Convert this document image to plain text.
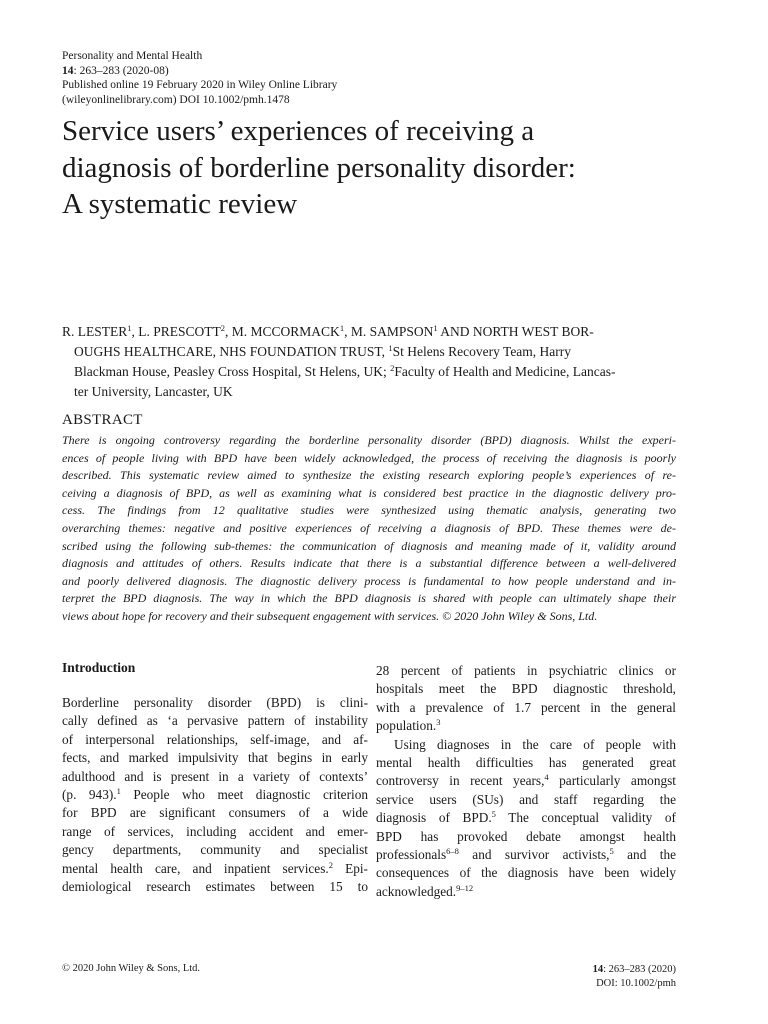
Personality and Mental Health
14: 263–283 (2020-08)
Published online 19 February 2020 in Wiley Online Library
(wileyonlinelibrary.com) DOI 10.1002/pmh.1478
Service users’ experiences of receiving a
diagnosis of borderline personality disorder:
A systematic review
R. LESTER$^1$, L. PRESCOTT$^2$, M. MCCORMACK$^1$, M. SAMPSON$^1$ AND NORTH WEST BOR-
OUGHS HEALTHCARE, NHS FOUNDATION TRUST, $^1$St Helens Recovery Team, Harry
Blackman House, Peasley Cross Hospital, St Helens, UK; $^2$Faculty of Health and Medicine, Lancas-
ter University, Lancaster, UK
ABSTRACT
There is ongoing controversy regarding the borderline personality disorder (BPD) diagnosis. Whilst the experi-
ences of people living with BPD have been widely acknowledged, the process of receiving the diagnosis is poorly
described. This systematic review aimed to synthesize the existing research exploring people’s experiences of re-
ceiving a diagnosis of BPD, as well as examining what is considered best practice in the diagnostic delivery pro-
cess. The findings from 12 qualitative studies were synthesized using thematic analysis, generating two
overarching themes: negative and positive experiences of receiving a diagnosis of BPD. These themes were de-
scribed using the following sub-themes: the communication of diagnosis and meaning made of it, validity around
diagnosis and attitudes of others. Results indicate that there is a substantial difference between a well-delivered
and poorly delivered diagnosis. The diagnostic delivery process is fundamental to how people understand and in-
terpret the BPD diagnosis. The way in which the BPD diagnosis is shared with people can ultimately shape their
views about hope for recovery and their subsequent engagement with services. © 2020 John Wiley & Sons, Ltd.
Introduction
Borderline personality disorder (BPD) is clini-
cally defined as ‘a pervasive pattern of instability
of interpersonal relationships, self-image, and af-
fects, and marked impulsivity that begins in early
adulthood and is present in a variety of contexts’
(p. 943).$^1$ People who meet diagnostic criterion
for BPD are significant consumers of a wide
range of services, including accident and emer-
gency departments, community and specialist
mental health care, and inpatient services.$^2$ Epi-
demiological research estimates between 15 to
28 percent of patients in psychiatric clinics or
hospitals meet the BPD diagnostic threshold,
with a prevalence of 1.7 percent in the general
population.$^3$
Using diagnoses in the care of people with
mental health difficulties has generated great
controversy in recent years,$^4$ particularly amongst
service users (SUs) and staff regarding the
diagnosis of BPD.$^5$ The conceptual validity of
BPD has provoked debate amongst health
professionals$^{6-8}$ and survivor activists,$^5$ and the
consequences of the diagnosis have been widely
acknowledged.$^{9-12}$
© 2020 John Wiley & Sons, Ltd.	14: 263–283 (2020)
DOI: 10.1002/pmh
